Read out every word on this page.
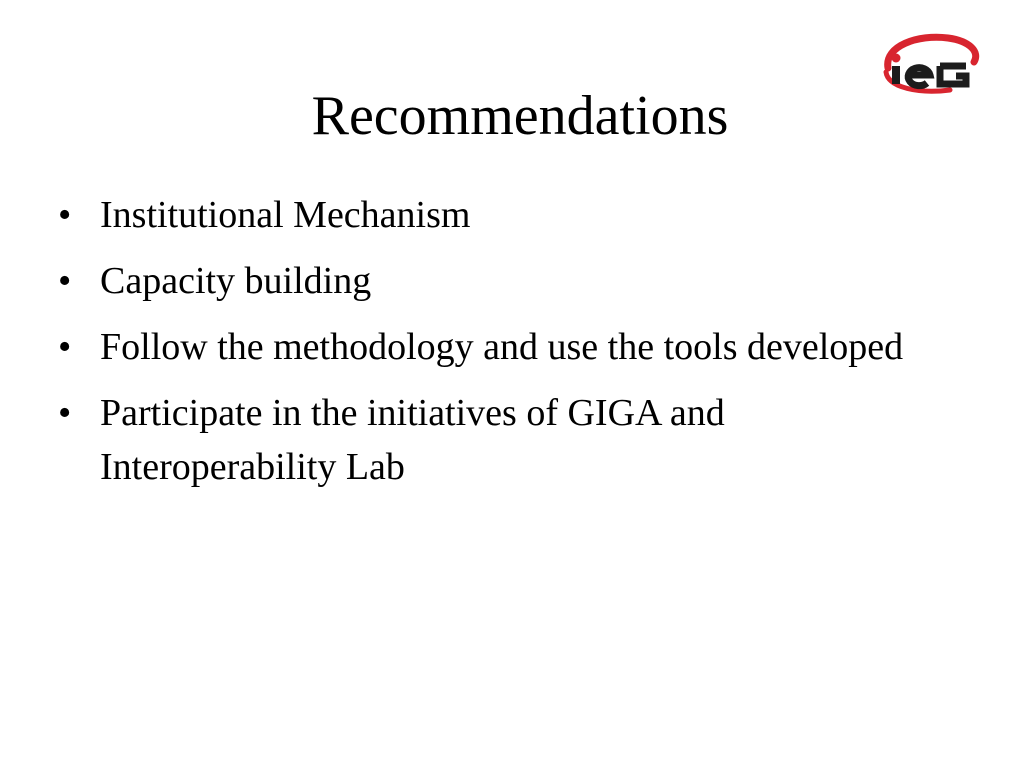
Recommendations
• Institutional Mechanism
• Capacity building
• Follow the methodology and use the tools developed
• Participate in the initiatives of GIGA and Interoperability Lab
